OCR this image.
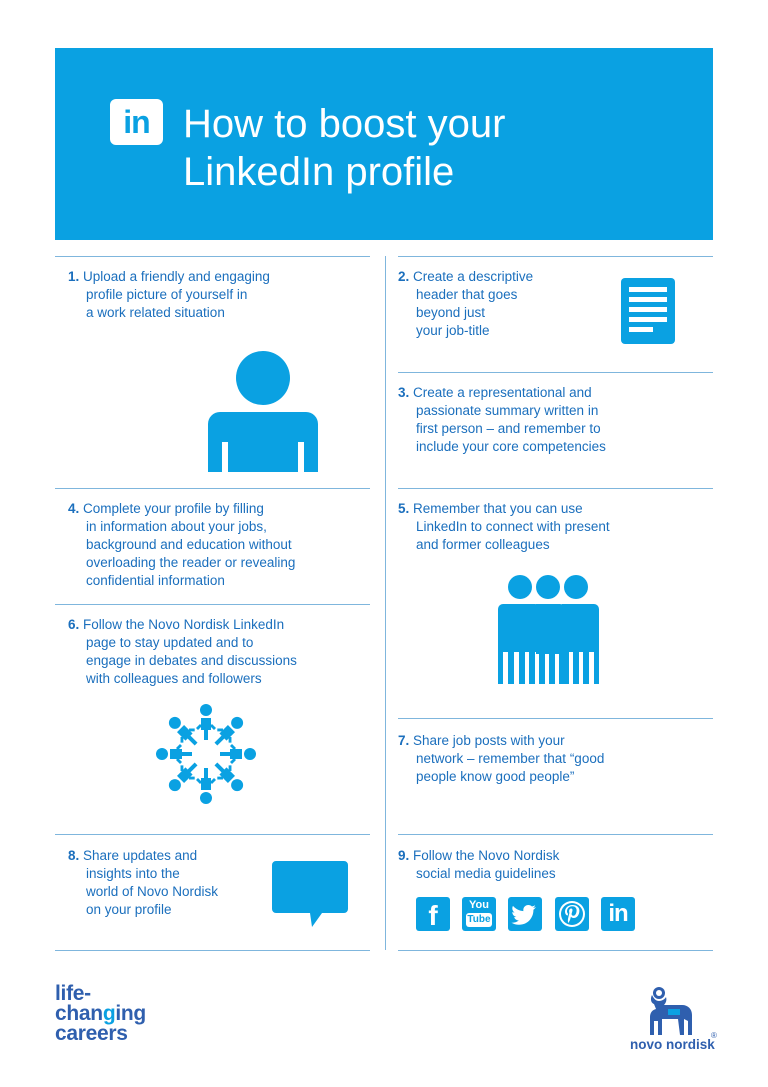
in How to boost your
LinkedIn profile
1. Upload a friendly and engaging
profile picture of yourself in
a work related situation
2. Create a descriptive
header that goes
beyond just
your job-title
3. Create a representational and
passionate summary written in
first person – and remember to
include your core competencies
4. Complete your profile by filling
in information about your jobs,
background and education without
overloading the reader or revealing
confidential information
5. Remember that you can use
LinkedIn to connect with present
and former colleagues
6. Follow the Novo Nordisk LinkedIn
page to stay updated and to
engage in debates and discussions
with colleagues and followers
7. Share job posts with your
network – remember that “good
people know good people”
8. Share updates and
insights into the
world of Novo Nordisk
on your profile
9. Follow the Novo Nordisk
social media guidelines
f	You
Tube	in
life-
changing
careers	novo nordisk
®
